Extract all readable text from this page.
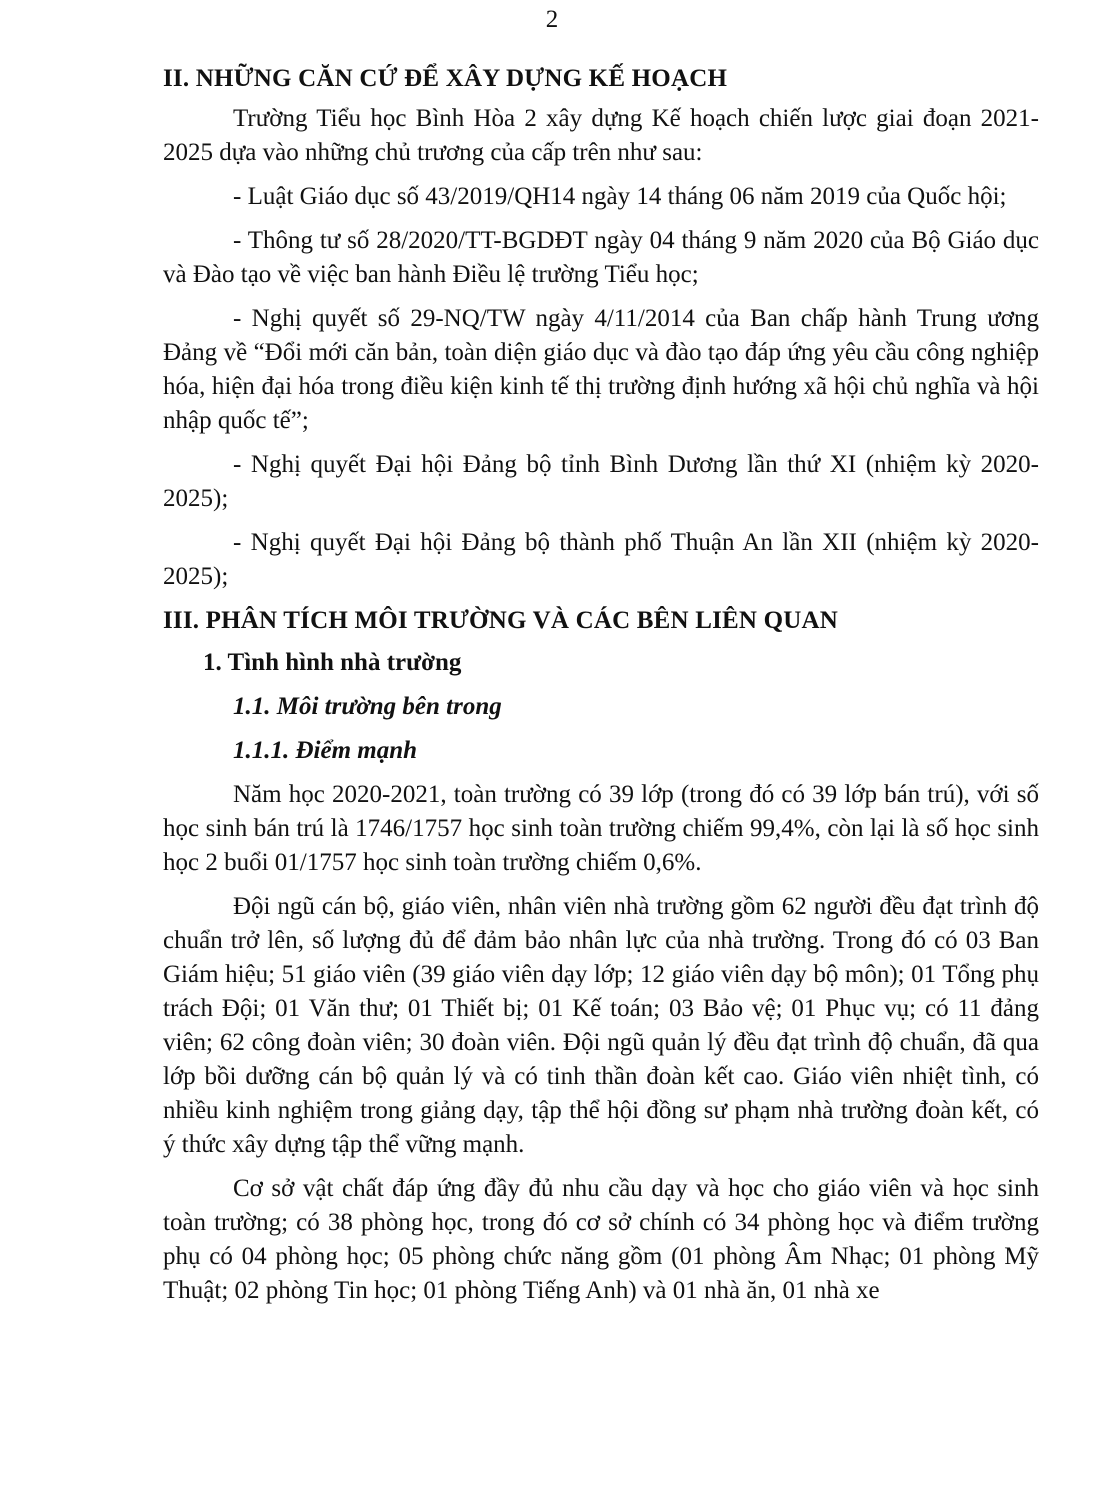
2
II. NHỮNG CĂN CỨ ĐỂ XÂY DỰNG KẾ HOẠCH
Trường Tiểu học Bình Hòa 2 xây dựng Kế hoạch chiến lược giai đoạn 2021-2025 dựa vào những chủ trương của cấp trên như sau:
- Luật Giáo dục số 43/2019/QH14 ngày 14 tháng 06 năm 2019 của Quốc hội;
- Thông tư số 28/2020/TT-BGDĐT ngày 04 tháng 9 năm 2020 của Bộ Giáo dục và Đào tạo về việc ban hành Điều lệ trường Tiểu học;
- Nghị quyết số 29-NQ/TW ngày 4/11/2014 của Ban chấp hành Trung ương Đảng về “Đổi mới căn bản, toàn diện giáo dục và đào tạo đáp ứng yêu cầu công nghiệp hóa, hiện đại hóa trong điều kiện kinh tế thị trường định hướng xã hội chủ nghĩa và hội nhập quốc tế”;
- Nghị quyết Đại hội Đảng bộ tỉnh Bình Dương lần thứ XI (nhiệm kỳ 2020-2025);
- Nghị quyết Đại hội Đảng bộ thành phố Thuận An lần XII (nhiệm kỳ 2020-2025);
III. PHÂN TÍCH MÔI TRƯỜNG VÀ CÁC BÊN LIÊN QUAN
1. Tình hình nhà trường
1.1. Môi trường bên trong
1.1.1. Điểm mạnh
Năm học 2020-2021, toàn trường có 39 lớp (trong đó có 39 lớp bán trú), với số học sinh bán trú là 1746/1757 học sinh toàn trường chiếm 99,4%, còn lại là số học sinh học 2 buổi 01/1757 học sinh toàn trường chiếm 0,6%.
Đội ngũ cán bộ, giáo viên, nhân viên nhà trường gồm 62 người đều đạt trình độ chuẩn trở lên, số lượng đủ để đảm bảo nhân lực của nhà trường. Trong đó có 03 Ban Giám hiệu; 51 giáo viên (39 giáo viên dạy lớp; 12 giáo viên dạy bộ môn); 01 Tổng phụ trách Đội; 01 Văn thư; 01 Thiết bị; 01 Kế toán; 03 Bảo vệ; 01 Phục vụ; có 11 đảng viên; 62 công đoàn viên; 30 đoàn viên. Đội ngũ quản lý đều đạt trình độ chuẩn, đã qua lớp bồi dưỡng cán bộ quản lý và có tinh thần đoàn kết cao. Giáo viên nhiệt tình, có nhiều kinh nghiệm trong giảng dạy, tập thể hội đồng sư phạm nhà trường đoàn kết, có ý thức xây dựng tập thể vững mạnh.
Cơ sở vật chất đáp ứng đầy đủ nhu cầu dạy và học cho giáo viên và học sinh toàn trường; có 38 phòng học, trong đó cơ sở chính có 34 phòng học và điểm trường phụ có 04 phòng học; 05 phòng chức năng gồm (01 phòng Âm Nhạc; 01 phòng Mỹ Thuật; 02 phòng Tin học; 01 phòng Tiếng Anh) và 01 nhà ăn, 01 nhà xe
